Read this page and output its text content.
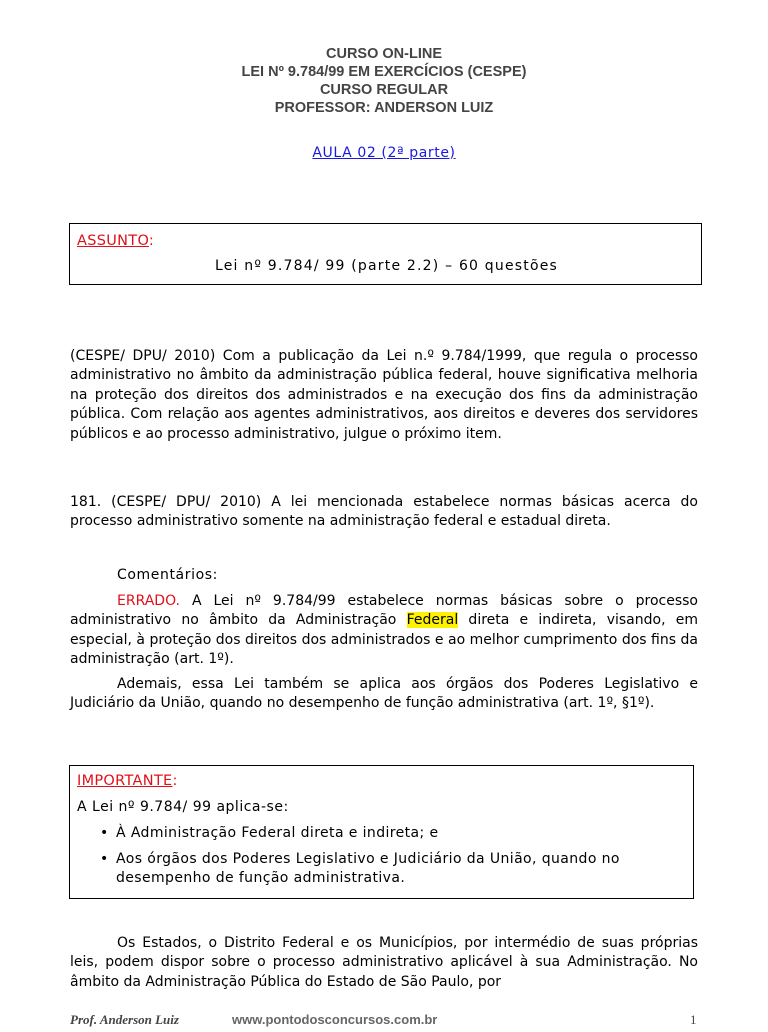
CURSO ON-LINE
LEI Nº 9.784/99 EM EXERCÍCIOS (CESPE)
CURSO REGULAR
PROFESSOR: ANDERSON LUIZ
AULA 02 (2ª parte)
ASSUNTO:
Lei nº 9.784/ 99 (parte 2.2) – 60 questões
(CESPE/ DPU/ 2010) Com a publicação da Lei n.º 9.784/1999, que regula o processo administrativo no âmbito da administração pública federal, houve significativa melhoria na proteção dos direitos dos administrados e na execução dos fins da administração pública. Com relação aos agentes administrativos, aos direitos e deveres dos servidores públicos e ao processo administrativo, julgue o próximo item.
181. (CESPE/ DPU/ 2010) A lei mencionada estabelece normas básicas acerca do processo administrativo somente na administração federal e estadual direta.
Comentários:
ERRADO. A Lei nº 9.784/99 estabelece normas básicas sobre o processo administrativo no âmbito da Administração Federal direta e indireta, visando, em especial, à proteção dos direitos dos administrados e ao melhor cumprimento dos fins da administração (art. 1º).
Ademais, essa Lei também se aplica aos órgãos dos Poderes Legislativo e Judiciário da União, quando no desempenho de função administrativa (art. 1º, §1º).
IMPORTANTE:
A Lei nº 9.784/ 99 aplica-se:
• À Administração Federal direta e indireta; e
• Aos órgãos dos Poderes Legislativo e Judiciário da União, quando no desempenho de função administrativa.
Os Estados, o Distrito Federal e os Municípios, por intermédio de suas próprias leis, podem dispor sobre o processo administrativo aplicável à sua Administração. No âmbito da Administração Pública do Estado de São Paulo, por
Prof. Anderson Luiz	www.pontodosconcursos.com.br	1
